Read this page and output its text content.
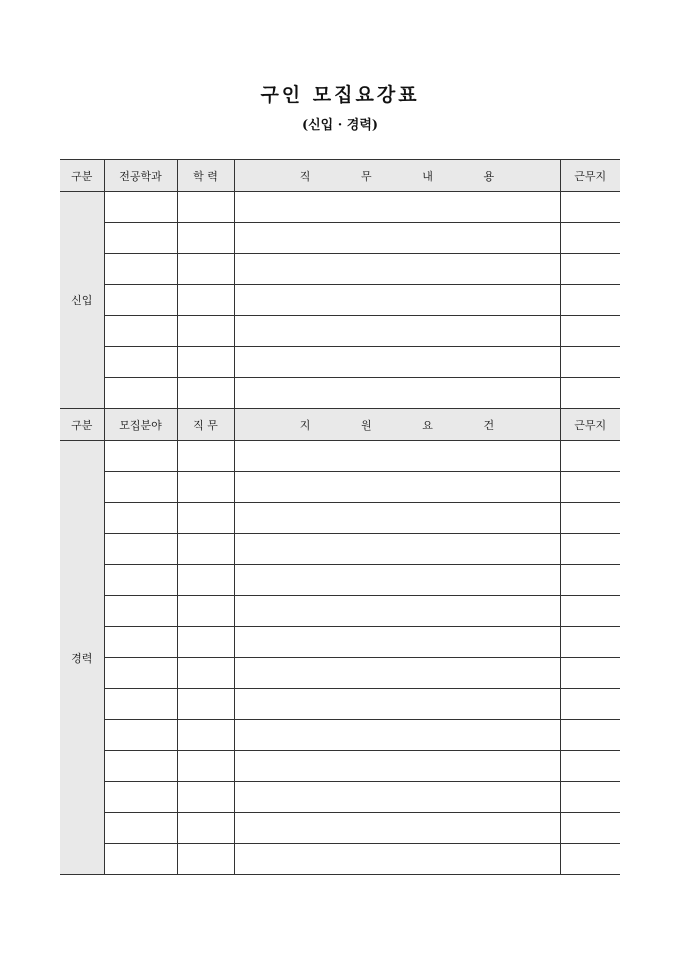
구인 모집요강표
(신입 · 경력)
구분	전공학과	학 력	직 무 내 용	근무지
신입				

구분	모집분야	직 무	지 원 요 건	근무지
경력				
